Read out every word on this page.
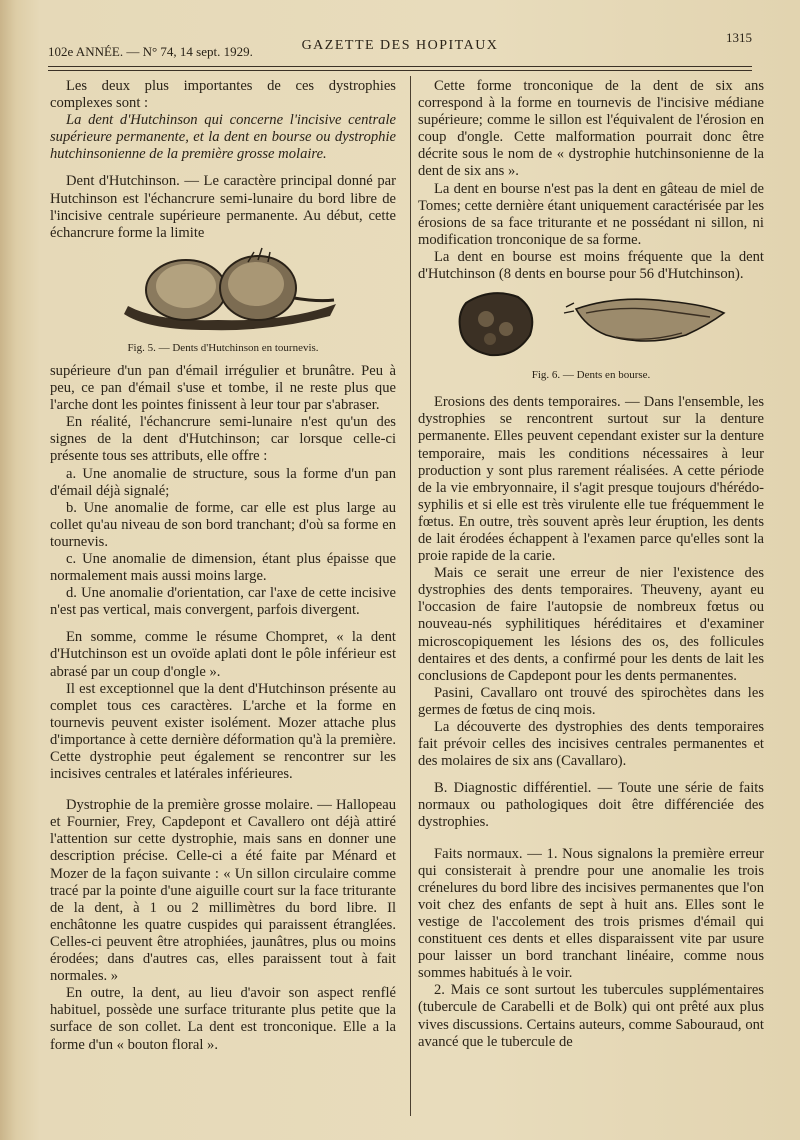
102e ANNÉE. — N° 74, 14 sept. 1929.	GAZETTE DES HOPITAUX
1315

Les deux plus importantes de ces dystrophies complexes sont :

La dent d'Hutchinson qui concerne l'incisive centrale supérieure permanente, et la dent en bourse ou dystrophie hutchinsonienne de la première grosse molaire.

Dent d'Hutchinson. — Le caractère principal donné par Hutchinson est l'échancrure semi-lunaire du bord libre de l'incisive centrale supérieure permanente. Au début, cette échancrure forme la limite

Fig. 5. — Dents d'Hutchinson en tournevis.

supérieure d'un pan d'émail irrégulier et brunâtre. Peu à peu, ce pan d'émail s'use et tombe, il ne reste plus que l'arche dont les pointes finissent à leur tour par s'abraser.

En réalité, l'échancrure semi-lunaire n'est qu'un des signes de la dent d'Hutchinson; car lorsque celle-ci présente tous ses attributs, elle offre :

a. Une anomalie de structure, sous la forme d'un pan d'émail déjà signalé;

b. Une anomalie de forme, car elle est plus large au collet qu'au niveau de son bord tranchant; d'où sa forme en tournevis.

c. Une anomalie de dimension, étant plus épaisse que normalement mais aussi moins large.

d. Une anomalie d'orientation, car l'axe de cette incisive n'est pas vertical, mais convergent, parfois divergent.

En somme, comme le résume Chompret, « la dent d'Hutchinson est un ovoïde aplati dont le pôle inférieur est abrasé par un coup d'ongle ».

Il est exceptionnel que la dent d'Hutchinson présente au complet tous ces caractères. L'arche et la forme en tournevis peuvent exister isolément. Mozer attache plus d'importance à cette dernière déformation qu'à la première. Cette dystrophie peut également se rencontrer sur les incisives centrales et latérales inférieures.

Dystrophie de la première grosse molaire. — Hallopeau et Fournier, Frey, Capdepont et Cavallero ont déjà attiré l'attention sur cette dystrophie, mais sans en donner une description précise. Celle-ci a été faite par Ménard et Mozer de la façon suivante : « Un sillon circulaire comme tracé par la pointe d'une aiguille court sur la face triturante de la dent, à 1 ou 2 millimètres du bord libre. Il enchâtonne les quatre cuspides qui paraissent étranglées. Celles-ci peuvent être atrophiées, jaunâtres, plus ou moins érodées; dans d'autres cas, elles paraissent tout à fait normales. »

En outre, la dent, au lieu d'avoir son aspect renflé habituel, possède une surface triturante plus petite que la surface de son collet. La dent est tronconique. Elle a la forme d'un « bouton floral ».

Cette forme tronconique de la dent de six ans correspond à la forme en tournevis de l'incisive médiane supérieure; comme le sillon est l'équivalent de l'érosion en coup d'ongle. Cette malformation pourrait donc être décrite sous le nom de « dystrophie hutchinsonienne de la dent de six ans ».

La dent en bourse n'est pas la dent en gâteau de miel de Tomes; cette dernière étant uniquement caractérisée par les érosions de sa face triturante et ne possédant ni sillon, ni modification tronconique de sa forme.

La dent en bourse est moins fréquente que la dent d'Hutchinson (8 dents en bourse pour 56 d'Hutchinson).

Fig. 6. — Dents en bourse.

Erosions des dents temporaires. — Dans l'ensemble, les dystrophies se rencontrent surtout sur la denture permanente. Elles peuvent cependant exister sur la denture temporaire, mais les conditions nécessaires à leur production y sont plus rarement réalisées. A cette période de la vie embryonnaire, il s'agit presque toujours d'hérédo-syphilis et si elle est très virulente elle tue fréquemment le fœtus. En outre, très souvent après leur éruption, les dents de lait érodées échappent à l'examen parce qu'elles sont la proie rapide de la carie.

Mais ce serait une erreur de nier l'existence des dystrophies des dents temporaires. Theuveny, ayant eu l'occasion de faire l'autopsie de nombreux fœtus ou nouveau-nés syphilitiques héréditaires et d'examiner microscopiquement les lésions des os, des follicules dentaires et des dents, a confirmé pour les dents de lait les conclusions de Capdepont pour les dents permanentes.

Pasini, Cavallaro ont trouvé des spirochètes dans les germes de fœtus de cinq mois.

La découverte des dystrophies des dents temporaires fait prévoir celles des incisives centrales permanentes et des molaires de six ans (Cavallaro).

B. Diagnostic différentiel. — Toute une série de faits normaux ou pathologiques doit être différenciée des dystrophies.

Faits normaux. — 1. Nous signalons la première erreur qui consisterait à prendre pour une anomalie les trois crénelures du bord libre des incisives permanentes que l'on voit chez des enfants de sept à huit ans. Elles sont le vestige de l'accolement des trois prismes d'émail qui constituent ces dents et elles disparaissent vite par usure pour laisser un bord tranchant linéaire, comme nous sommes habitués à le voir.

2. Mais ce sont surtout les tubercules supplémentaires (tubercule de Carabelli et de Bolk) qui ont prêté aux plus vives discussions. Certains auteurs, comme Sabouraud, ont avancé que le tubercule de
